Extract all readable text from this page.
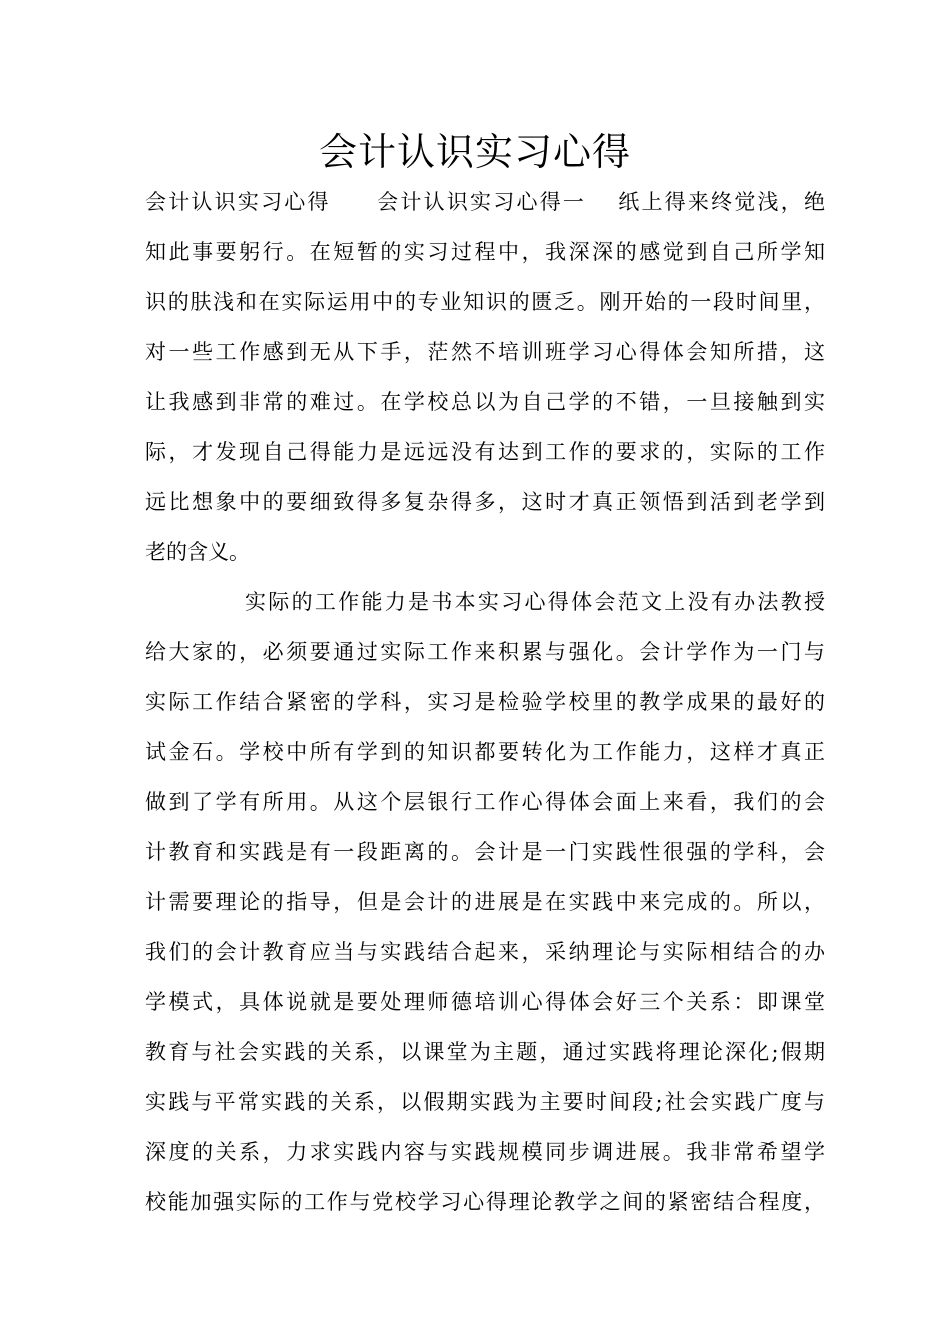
会计认识实习心得
会计认识实习心得　　会计认识实习心得一　 纸上得来终觉浅，绝
知此事要躬行。在短暂的实习过程中，我深深的感觉到自己所学知
识的肤浅和在实际运用中的专业知识的匮乏。刚开始的一段时间里，
对一些工作感到无从下手，茫然不培训班学习心得体会知所措，这
让我感到非常的难过。在学校总以为自己学的不错，一旦接触到实
际，才发现自己得能力是远远没有达到工作的要求的，实际的工作
远比想象中的要细致得多复杂得多，这时才真正领悟到活到老学到
老的含义。
实际的工作能力是书本实习心得体会范文上没有办法教授
给大家的，必须要通过实际工作来积累与强化。会计学作为一门与
实际工作结合紧密的学科，实习是检验学校里的教学成果的最好的
试金石。学校中所有学到的知识都要转化为工作能力，这样才真正
做到了学有所用。从这个层银行工作心得体会面上来看，我们的会
计教育和实践是有一段距离的。会计是一门实践性很强的学科，会
计需要理论的指导，但是会计的进展是在实践中来完成的。所以，
我们的会计教育应当与实践结合起来，采纳理论与实际相结合的办
学模式，具体说就是要处理师德培训心得体会好三个关系：即课堂
教育与社会实践的关系，以课堂为主题，通过实践将理论深化;假期
实践与平常实践的关系，以假期实践为主要时间段;社会实践广度与
深度的关系，力求实践内容与实践规模同步调进展。我非常希望学
校能加强实际的工作与党校学习心得理论教学之间的紧密结合程度，
